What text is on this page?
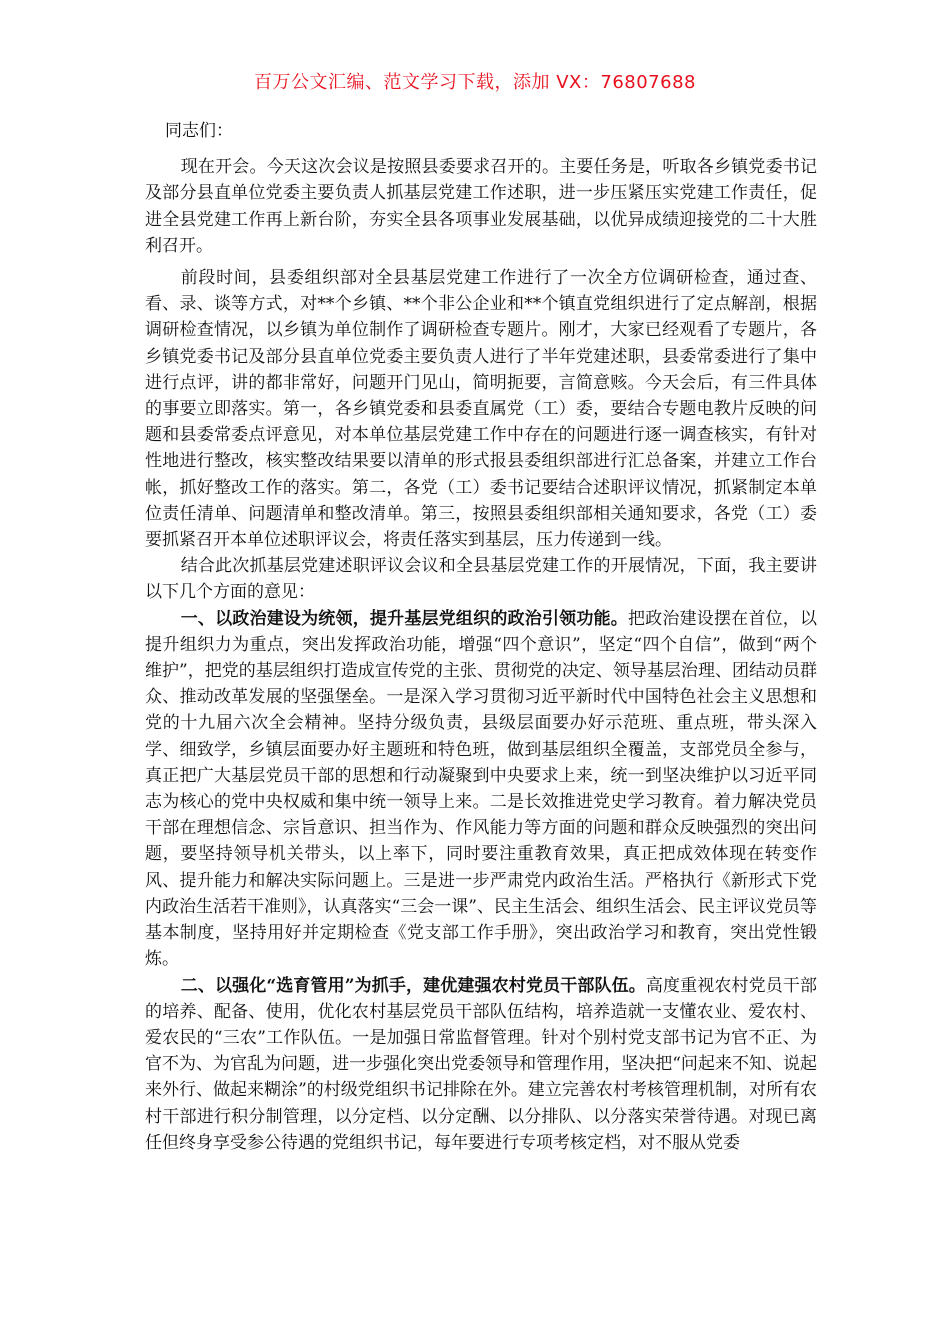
百万公文汇编、范文学习下载，添加 VX：76807688

同志们：

现在开会。今天这次会议是按照县委要求召开的。主要任务是，听取各乡镇党委书记及部分县直单位党委主要负责人抓基层党建工作述职，进一步压紧压实党建工作责任，促进全县党建工作再上新台阶，夯实全县各项事业发展基础，以优异成绩迎接党的二十大胜利召开。

前段时间，县委组织部对全县基层党建工作进行了一次全方位调研检查，通过查、看、录、谈等方式，对**个乡镇、**个非公企业和**个镇直党组织进行了定点解剖，根据调研检查情况，以乡镇为单位制作了调研检查专题片。刚才，大家已经观看了专题片，各乡镇党委书记及部分县直单位党委主要负责人进行了半年党建述职，县委常委进行了集中进行点评，讲的都非常好，问题开门见山，简明扼要，言简意赅。今天会后，有三件具体的事要立即落实。第一，各乡镇党委和县委直属党（工）委，要结合专题电教片反映的问题和县委常委点评意见，对本单位基层党建工作中存在的问题进行逐一调查核实，有针对性地进行整改，核实整改结果要以清单的形式报县委组织部进行汇总备案，并建立工作台帐，抓好整改工作的落实。第二，各党（工）委书记要结合述职评议情况，抓紧制定本单位责任清单、问题清单和整改清单。第三，按照县委组织部相关通知要求，各党（工）委要抓紧召开本单位述职评议会，将责任落实到基层，压力传递到一线。

结合此次抓基层党建述职评议会议和全县基层党建工作的开展情况，下面，我主要讲以下几个方面的意见：

一、以政治建设为统领，提升基层党组织的政治引领功能。把政治建设摆在首位，以提升组织力为重点，突出发挥政治功能，增强“四个意识”，坚定“四个自信”，做到“两个维护”，把党的基层组织打造成宣传党的主张、贯彻党的决定、领导基层治理、团结动员群众、推动改革发展的坚强堡垒。一是深入学习贯彻习近平新时代中国特色社会主义思想和党的十九届六次全会精神。坚持分级负责，县级层面要办好示范班、重点班，带头深入学、细致学，乡镇层面要办好主题班和特色班，做到基层组织全覆盖，支部党员全参与，真正把广大基层党员干部的思想和行动凝聚到中央要求上来，统一到坚决维护以习近平同志为核心的党中央权威和集中统一领导上来。二是长效推进党史学习教育。着力解决党员干部在理想信念、宗旨意识、担当作为、作风能力等方面的问题和群众反映强烈的突出问题，要坚持领导机关带头，以上率下，同时要注重教育效果，真正把成效体现在转变作风、提升能力和解决实际问题上。三是进一步严肃党内政治生活。严格执行《新形式下党内政治生活若干准则》，认真落实“三会一课”、民主生活会、组织生活会、民主评议党员等基本制度，坚持用好并定期检查《党支部工作手册》，突出政治学习和教育，突出党性锻炼。

二、以强化“选育管用”为抓手，建优建强农村党员干部队伍。高度重视农村党员干部的培养、配备、使用，优化农村基层党员干部队伍结构，培养造就一支懂农业、爱农村、爱农民的“三农”工作队伍。一是加强日常监督管理。针对个别村党支部书记为官不正、为官不为、为官乱为问题，进一步强化突出党委领导和管理作用，坚决把“问起来不知、说起来外行、做起来糊涂”的村级党组织书记排除在外。建立完善农村考核管理机制，对所有农村干部进行积分制管理，以分定档、以分定酬、以分排队、以分落实荣誉待遇。对现已离任但终身享受参公待遇的党组织书记，每年要进行专项考核定档，对不服从党委
